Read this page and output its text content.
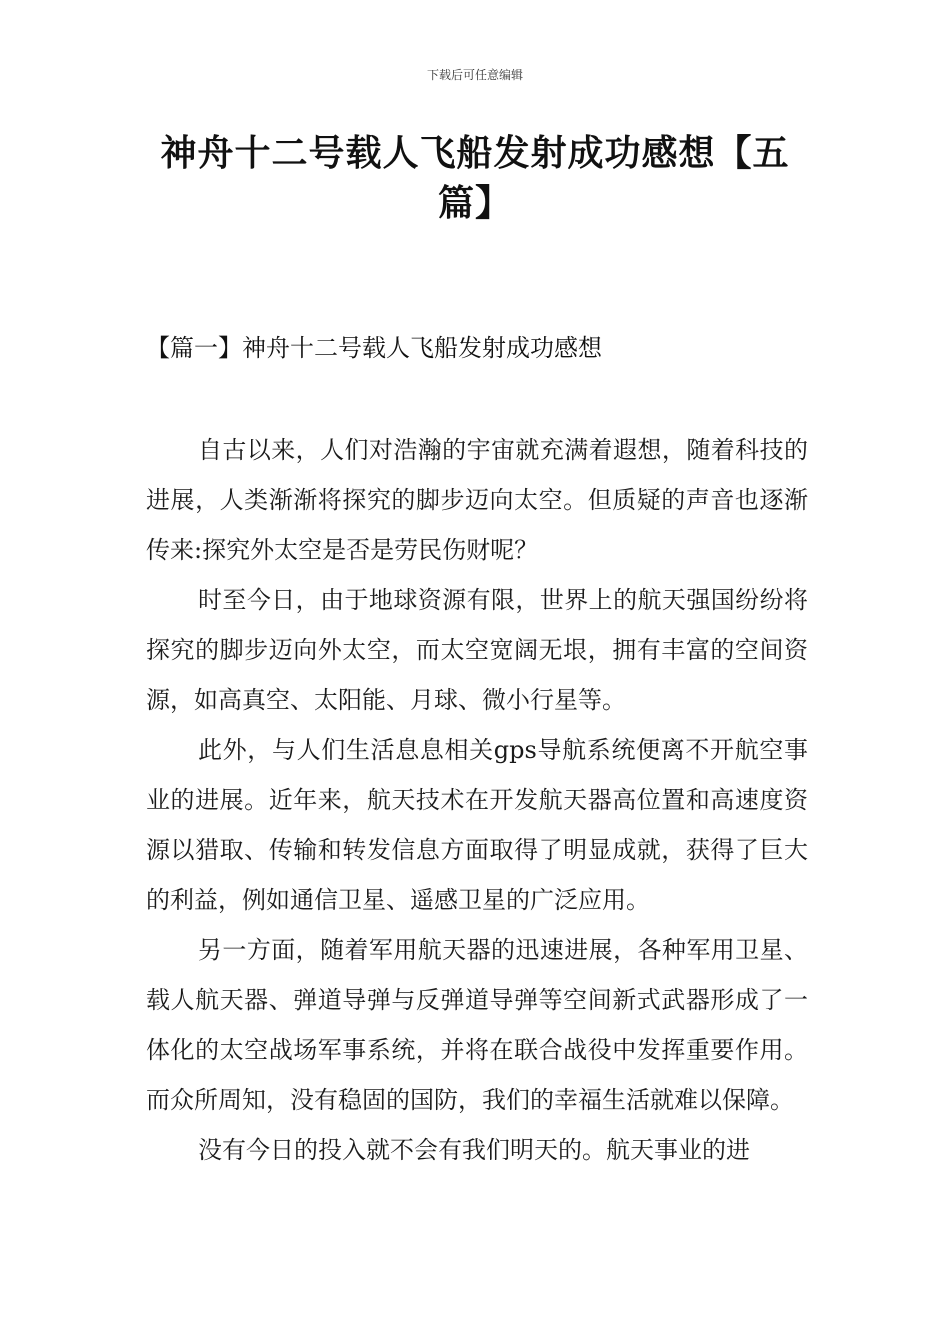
下载后可任意编辑
神舟十二号载人飞船发射成功感想【五篇】
【篇一】神舟十二号载人飞船发射成功感想

自古以来，人们对浩瀚的宇宙就充满着遐想，随着科技的进展，人类渐渐将探究的脚步迈向太空。但质疑的声音也逐渐传来:探究外太空是否是劳民伤财呢？

时至今日，由于地球资源有限，世界上的航天强国纷纷将探究的脚步迈向外太空，而太空宽阔无垠，拥有丰富的空间资源，如高真空、太阳能、月球、微小行星等。

此外，与人们生活息息相关gps导航系统便离不开航空事业的进展。近年来，航天技术在开发航天器高位置和高速度资源以猎取、传输和转发信息方面取得了明显成就，获得了巨大的利益，例如通信卫星、遥感卫星的广泛应用。

另一方面，随着军用航天器的迅速进展，各种军用卫星、载人航天器、弹道导弹与反弹道导弹等空间新式武器形成了一体化的太空战场军事系统，并将在联合战役中发挥重要作用。而众所周知，没有稳固的国防，我们的幸福生活就难以保障。

没有今日的投入就不会有我们明天的。航天事业的进
